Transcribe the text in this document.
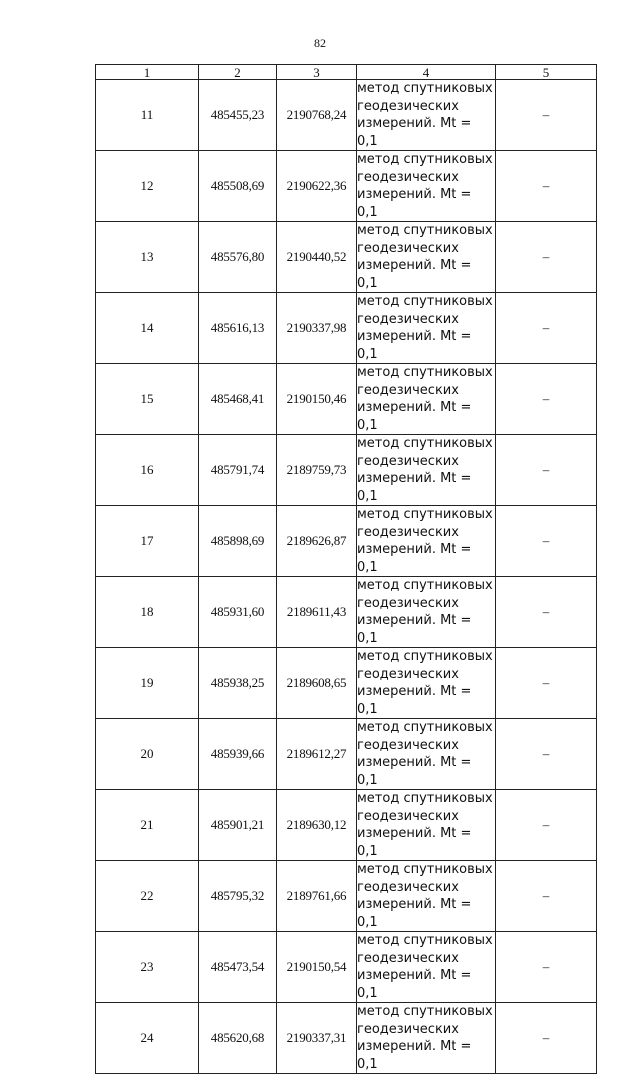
82
1	2	3	4	5
11	485455,23	2190768,24	метод спутниковых
геодезических
измерений. Mt = 0,1	–
12	485508,69	2190622,36	метод спутниковых
геодезических
измерений. Mt = 0,1	–
13	485576,80	2190440,52	метод спутниковых
геодезических
измерений. Mt = 0,1	–
14	485616,13	2190337,98	метод спутниковых
геодезических
измерений. Mt = 0,1	–
15	485468,41	2190150,46	метод спутниковых
геодезических
измерений. Mt = 0,1	–
16	485791,74	2189759,73	метод спутниковых
геодезических
измерений. Mt = 0,1	–
17	485898,69	2189626,87	метод спутниковых
геодезических
измерений. Mt = 0,1	–
18	485931,60	2189611,43	метод спутниковых
геодезических
измерений. Mt = 0,1	–
19	485938,25	2189608,65	метод спутниковых
геодезических
измерений. Mt = 0,1	–
20	485939,66	2189612,27	метод спутниковых
геодезических
измерений. Mt = 0,1	–
21	485901,21	2189630,12	метод спутниковых
геодезических
измерений. Mt = 0,1	–
22	485795,32	2189761,66	метод спутниковых
геодезических
измерений. Mt = 0,1	–
23	485473,54	2190150,54	метод спутниковых
геодезических
измерений. Mt = 0,1	–
24	485620,68	2190337,31	метод спутниковых
геодезических
измерений. Mt = 0,1	–
